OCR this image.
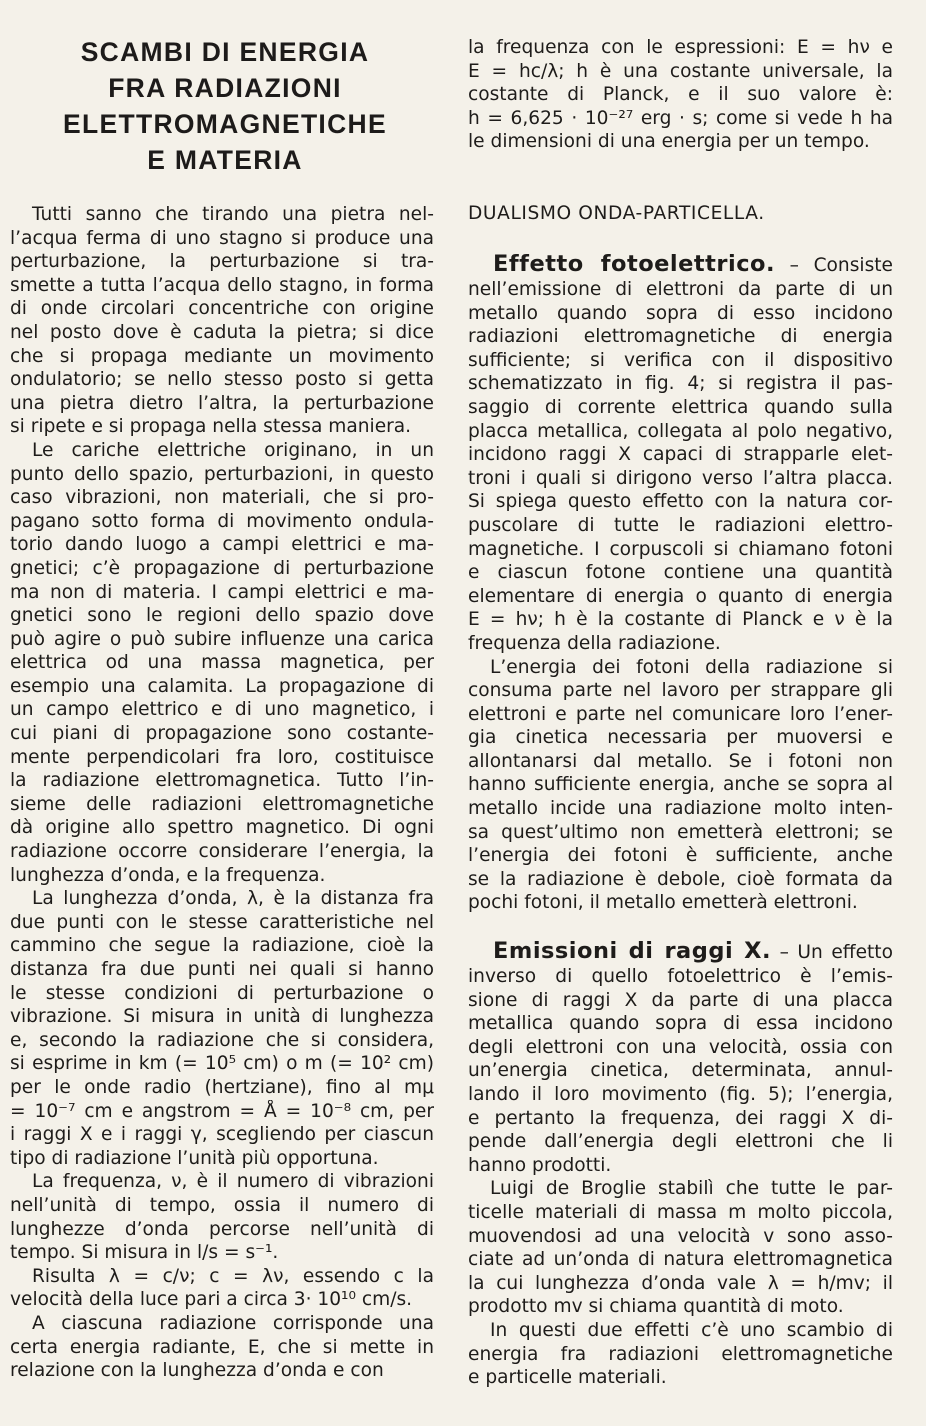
SCAMBI DI ENERGIA
FRA RADIAZIONI
ELETTROMAGNETICHE
E MATERIA
Tutti sanno che tirando una pietra nel-
l’acqua ferma di uno stagno si produce una
perturbazione, la perturbazione si tra-
smette a tutta l’acqua dello stagno, in forma
di onde circolari concentriche con origine
nel posto dove è caduta la pietra; si dice
che si propaga mediante un movimento
ondulatorio; se nello stesso posto si getta
una pietra dietro l’altra, la perturbazione
si ripete e si propaga nella stessa maniera.
Le cariche elettriche originano, in un
punto dello spazio, perturbazioni, in questo
caso vibrazioni, non materiali, che si pro-
pagano sotto forma di movimento ondula-
torio dando luogo a campi elettrici e ma-
gnetici; c’è propagazione di perturbazione
ma non di materia. I campi elettrici e ma-
gnetici sono le regioni dello spazio dove
può agire o può subire influenze una carica
elettrica od una massa magnetica, per
esempio una calamita. La propagazione di
un campo elettrico e di uno magnetico, i
cui piani di propagazione sono costante-
mente perpendicolari fra loro, costituisce
la radiazione elettromagnetica. Tutto l’in-
sieme delle radiazioni elettromagnetiche
dà origine allo spettro magnetico. Di ogni
radiazione occorre considerare l’energia, la
lunghezza d’onda, e la frequenza.
La lunghezza d’onda, λ, è la distanza fra
due punti con le stesse caratteristiche nel
cammino che segue la radiazione, cioè la
distanza fra due punti nei quali si hanno
le stesse condizioni di perturbazione o
vibrazione. Si misura in unità di lunghezza
e, secondo la radiazione che si considera,
si esprime in km (= 10⁵ cm) o m (= 10² cm)
per le onde radio (hertziane), fino al mμ
= 10⁻⁷ cm e angstrom = Å = 10⁻⁸ cm, per
i raggi X e i raggi γ, scegliendo per ciascun
tipo di radiazione l’unità più opportuna.
La frequenza, ν, è il numero di vibrazioni
nell’unità di tempo, ossia il numero di
lunghezze d’onda percorse nell’unità di
tempo. Si misura in l/s = s⁻¹.
Risulta λ = c/ν; c = λν, essendo c la
velocità della luce pari a circa 3· 10¹⁰ cm/s.
A ciascuna radiazione corrisponde una
certa energia radiante, E, che si mette in
relazione con la lunghezza d’onda e con
la frequenza con le espressioni: E = hν e
E = hc/λ; h è una costante universale, la
costante di Planck, e il suo valore è:
h = 6,625 · 10⁻²⁷ erg · s; come si vede h ha
le dimensioni di una energia per un tempo.
DUALISMO ONDA-PARTICELLA.
Effetto fotoelettrico. – Consiste
nell’emissione di elettroni da parte di un
metallo quando sopra di esso incidono
radiazioni elettromagnetiche di energia
sufficiente; si verifica con il dispositivo
schematizzato in fig. 4; si registra il pas-
saggio di corrente elettrica quando sulla
placca metallica, collegata al polo negativo,
incidono raggi X capaci di strapparle elet-
troni i quali si dirigono verso l’altra placca.
Si spiega questo effetto con la natura cor-
puscolare di tutte le radiazioni elettro-
magnetiche. I corpuscoli si chiamano fotoni
e ciascun fotone contiene una quantità
elementare di energia o quanto di energia
E = hν; h è la costante di Planck e ν è la
frequenza della radiazione.
L’energia dei fotoni della radiazione si
consuma parte nel lavoro per strappare gli
elettroni e parte nel comunicare loro l’ener-
gia cinetica necessaria per muoversi e
allontanarsi dal metallo. Se i fotoni non
hanno sufficiente energia, anche se sopra al
metallo incide una radiazione molto inten-
sa quest’ultimo non emetterà elettroni; se
l’energia dei fotoni è sufficiente, anche
se la radiazione è debole, cioè formata da
pochi fotoni, il metallo emetterà elettroni.
Emissioni di raggi X. – Un effetto
inverso di quello fotoelettrico è l’emis-
sione di raggi X da parte di una placca
metallica quando sopra di essa incidono
degli elettroni con una velocità, ossia con
un’energia cinetica, determinata, annul-
lando il loro movimento (fig. 5); l’energia,
e pertanto la frequenza, dei raggi X di-
pende dall’energia degli elettroni che li
hanno prodotti.
Luigi de Broglie stabilì che tutte le par-
ticelle materiali di massa m molto piccola,
muovendosi ad una velocità v sono asso-
ciate ad un’onda di natura elettromagnetica
la cui lunghezza d’onda vale λ = h/mv; il
prodotto mv si chiama quantità di moto.
In questi due effetti c’è uno scambio di
energia fra radiazioni elettromagnetiche
e particelle materiali.
